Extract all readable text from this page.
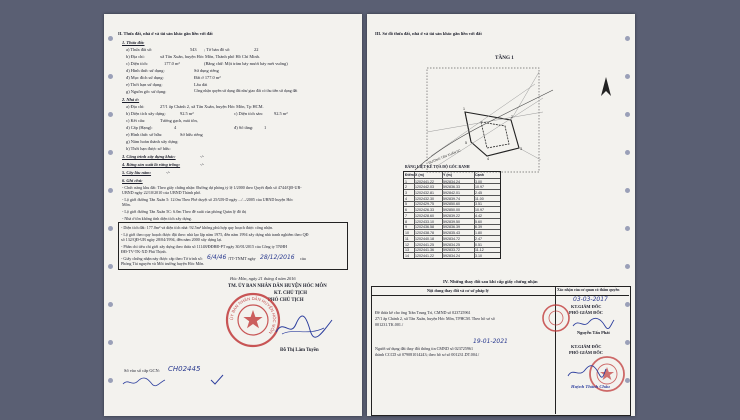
II. Thửa đất, nhà ở và tài sản khác gắn liền với đất
1. Thửa đất:
a) Thửa đất số:	543 ; Tờ bản đồ số:	22
b) Địa chỉ:	xã Tân Xuân, huyện Hóc Môn, Thành phố Hồ Chí Minh.
c) Diện tích:	177.0 m²	(Bằng chữ: Một trăm bảy mươi bảy mét vuông)
d) Hình thức sử dụng:	Sử dụng riêng
đ) Mục đích sử dụng:	Đất ở 177.0 m²
e) Thời hạn sử dụng:	Lâu dài
g) Nguồn gốc sử dụng:	Công nhận quyền sử dụng đất như giao đất có thu tiền sử dụng đất
2. Nhà ở:
a) Địa chỉ:	27/1 ấp Chánh 2, xã Tân Xuân, huyện Hóc Môn, Tp HCM.
b) Diện tích xây dựng:	92.5 m²	c) Diện tích sàn:	92.5 m²
c) Kết cấu:	Tường gạch, mái tôn,
d) Cấp (Hạng):	4	đ) Số tầng: 1
e) Hình thức sở hữu:	Sở hữu riêng
g) Năm hoàn thành xây dựng:
h) Thời hạn được sở hữu:
3. Công trình xây dựng khác:	-/-
4. Rừng sản xuất là rừng trồng:	-/-
5. Cây lâu năm:	-/-
6. Ghi chú:
- Chức năng khu đất: Theo giấy chứng nhận: Đường dự phòng tỷ lệ 1/2000 theo Quyết định số 4744/QĐ-UB-
UBND ngày 22/10/2010 của UBND Thành phố.
- Lộ giới đường Tân Xuân 5: 12.0m Theo Phê duyệt số 25/UB-D ngày .../.../2005 của UBND huyện Hóc
Môn.
- Lộ giới đường Tân Xuân 5C: 6.0m Theo đề xuất của phòng Quản lý đô thị
- Nhà ở tồn không tính diện tích xây dựng.
- Diện tích đất: 177.0m² và diện tích nhà: 92.5m² không phù hợp quy hoạch được công nhận.
- Lộ giới theo quy hoạch được đặt theo: nhà lạo lập năm 1975, đến năm 1994 xây dựng nhà tranh nghiêm theo QĐ
số 132/QĐ-UB ngày 28/04/1994, đến năm 2000 xây dựng lại.
- Phần chỉ tiêu chỉ giới xây dựng theo thửa số 11148/ĐĐBĐ-PT ngày 30/01/2015 của Công ty TNHH
ĐĐ-TV-TK-XD Phú Thịnh.
- Giấy chứng nhận này được cấp theo Tờ trình số: 6/4/46 /TT-TNMT ngày 28/12/2016 của
Phòng Tài nguyên và Môi trường huyện Hóc Môn.
Hóc Môn, ngày 21 tháng 4 năm 2016
TM. ỦY BAN NHÂN DÂN HUYỆN HÓC MÔN
KT. CHỦ TỊCH
PHÓ CHỦ TỊCH
ỦY BAN NHÂN DÂN HUYỆN HÓC MÔN
Đỗ Thị Lâm Tuyền
Số vào sổ cấp GCN: CH02445
III. Sơ đồ thửa đất, nhà ở và tài sản khác gắn liền với đất
TẦNG 1
1
2
3
4
5
ĐƯỜNG TÂN XUÂN 5C
BẢNG LIỆT KÊ TỌA ĐỘ GÓC RANH
Điểm X (m)	Y (m)	Cạnh
1 1202441.22	592834.24	3.00
2 1202442.03	592836.33	10.97
3 1202432.81	592842.01	2.45
4 1202432.30	592839.74	11.00
5 1202429.75	592850.60	3.51
6 1202426.33	592850.00	10.97
7 1202428.60	592839.22	4.42
8 1202433.10	592839.50	5.60
9 1202436.58	592836.39	6.39
10 1202438.78	592835.43	1.80
11 1202440.18	592834.72	2.47
12 1202441.25	592834.25	0.51
13 1202441.36	592833.72	11.12
14 1202441.22	592834.24	3.10
IV. Những thay đổi sau khi cấp giấy chứng nhận
Nội dung thay đổi và cơ sở pháp lý	Xác nhận của cơ quan có thẩm quyền
Đề thừa kế cho ông Trần Trung Trí, CMND số 023725961
27/1 ấp Chánh 2, xã Tân Xuân, huyện Hóc Môn, TPHCM. Theo hồ sơ số
001231.TK.001./
03-03-2017
KT.GIÁM ĐỐC
PHÓ GIÁM ĐỐC
Nguyễn Tấn Phát
19-01-2021
Người sử dụng đất thay đổi thông tin CMND số 023725961
thành CCCD số 079081014243; theo hồ sơ số 001231.DT.004./
KT.GIÁM ĐỐC
PHÓ GIÁM ĐỐC
Huỳnh Thành Châu
